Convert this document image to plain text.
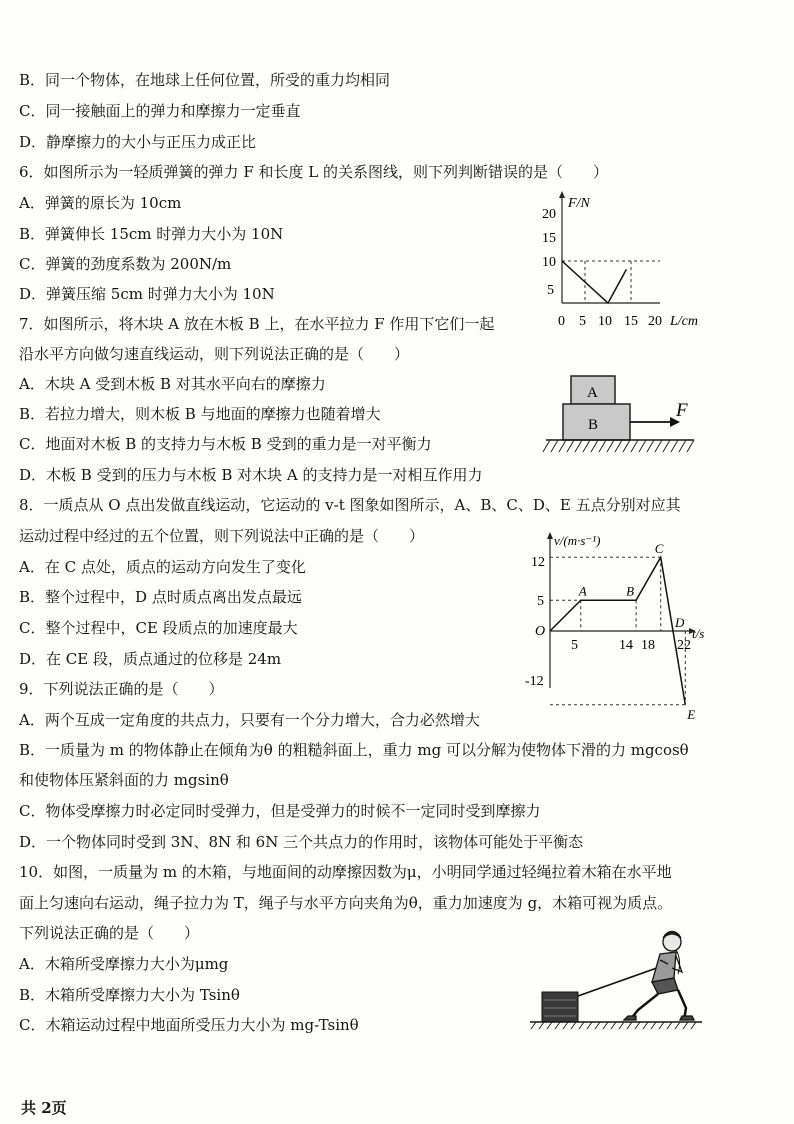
B．同一个物体，在地球上任何位置，所受的重力均相同
C．同一接触面上的弹力和摩擦力一定垂直
D．静摩擦力的大小与正压力成正比
6．如图所示为一轻质弹簧的弹力 F 和长度 L 的关系图线，则下列判断错误的是（　　）
A．弹簧的原长为 10cm
B．弹簧伸长 15cm 时弹力大小为 10N
C．弹簧的劲度系数为 200N/m
D．弹簧压缩 5cm 时弹力大小为 10N
7．如图所示，将木块 A 放在木板 B 上，在水平拉力 F 作用下它们一起
沿水平方向做匀速直线运动，则下列说法正确的是（　　）
A．木块 A 受到木板 B 对其水平向右的摩擦力
B．若拉力增大，则木板 B 与地面的摩擦力也随着增大
C．地面对木板 B 的支持力与木板 B 受到的重力是一对平衡力
D．木板 B 受到的压力与木板 B 对木块 A 的支持力是一对相互作用力
8．一质点从 O 点出发做直线运动，它运动的 v-t 图象如图所示，A、B、C、D、E 五点分别对应其
运动过程中经过的五个位置，则下列说法中正确的是（　　）
A．在 C 点处，质点的运动方向发生了变化
B．整个过程中，D 点时质点离出发点最远
C．整个过程中，CE 段质点的加速度最大
D．在 CE 段，质点通过的位移是 24m
9．下列说法正确的是（　　）
A．两个互成一定角度的共点力，只要有一个分力增大，合力必然增大
B．一质量为 m 的物体静止在倾角为θ 的粗糙斜面上，重力 mg 可以分解为使物体下滑的力 mgcosθ
和使物体压紧斜面的力 mgsinθ
C．物体受摩擦力时必定同时受弹力，但是受弹力的时候不一定同时受到摩擦力
D．一个物体同时受到 3N、8N 和 6N 三个共点力的作用时，该物体可能处于平衡态
10．如图，一质量为 m 的木箱，与地面间的动摩擦因数为μ，小明同学通过轻绳拉着木箱在水平地
面上匀速向右运动，绳子拉力为 T，绳子与水平方向夹角为θ，重力加速度为 g，木箱可视为质点。
下列说法正确的是（　　）
A．木箱所受摩擦力大小为μmg
B．木箱所受摩擦力大小为 Tsinθ
C．木箱运动过程中地面所受压力大小为 mg-Tsinθ
F/N
L/cm
20
15
10
5
0 5 10 15 20
A
B
F
v/(m·s⁻¹)
t/s
O
12
5
-12
5	14 18 22
A	B
C
D
E
　共 2页
